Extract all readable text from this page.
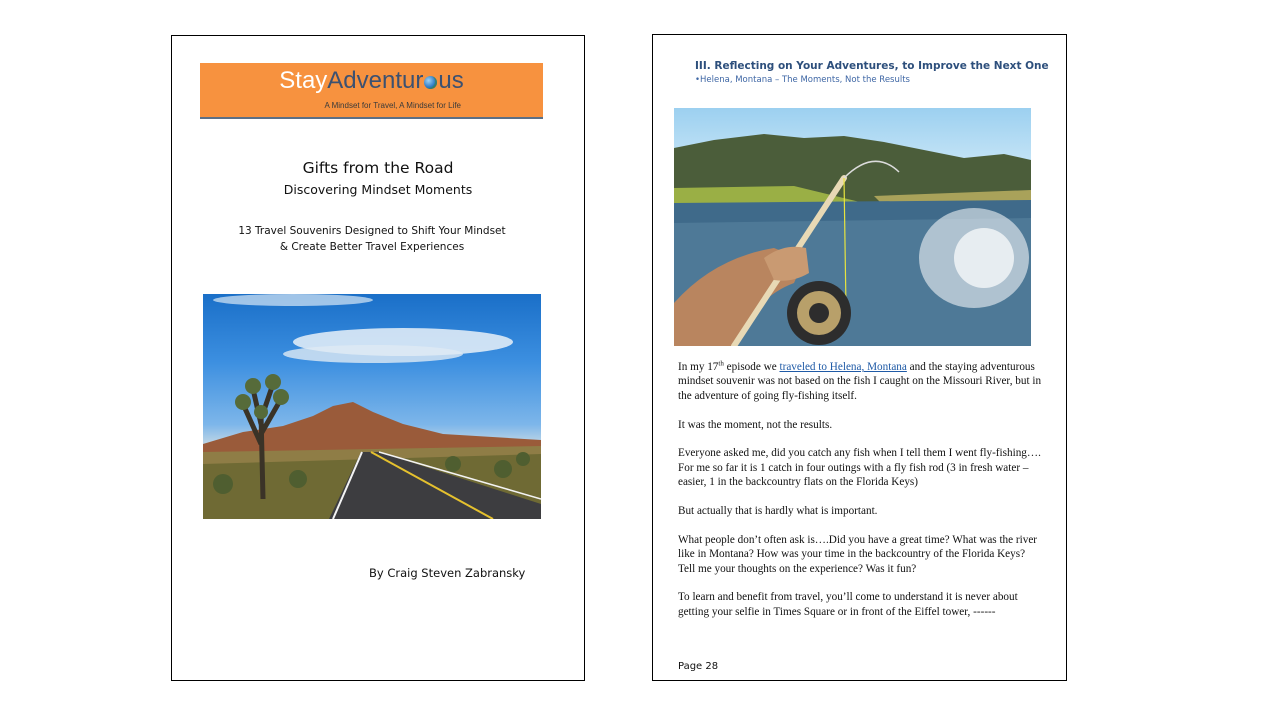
StayAdventur us
A Mindset for Travel, A Mindset for Life
Gifts from the Road
Discovering Mindset Moments
13 Travel Souvenirs Designed to Shift Your Mindset
& Create Better Travel Experiences
By Craig Steven Zabransky
III. Reflecting on Your Adventures, to Improve the Next One
•Helena, Montana – The Moments, Not the Results

In my 17th episode we traveled to Helena, Montana and the staying adventurous mindset souvenir was not based on the fish I caught on the Missouri River, but in the adventure of going fly-fishing itself.

It was the moment, not the results.

Everyone asked me, did you catch any fish when I tell them I went fly-fishing…. For me so far it is 1 catch in four outings with a fly fish rod (3 in fresh water – easier, 1 in the backcountry flats on the Florida Keys)

But actually that is hardly what is important.

What people don’t often ask is….Did you have a great time? What was the river like in Montana? How was your time in the backcountry of the Florida Keys? Tell me your thoughts on the experience? Was it fun?

To learn and benefit from travel, you’ll come to understand it is never about getting your selfie in Times Square or in front of the Eiffel tower, ------

Page 28
